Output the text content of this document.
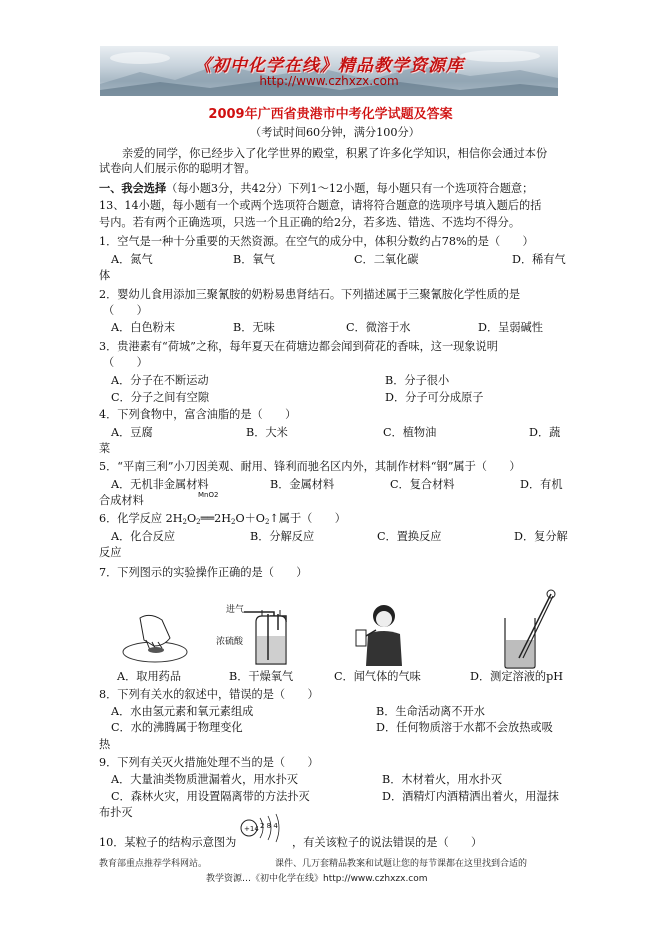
《初中化学在线》精品教学资源库
http://www.czhxzx.com
2009年广西省贵港市中考化学试题及答案
（考试时间60分钟，满分100分）
亲爱的同学，你已经步入了化学世界的殿堂，积累了许多化学知识，相信你会通过本份
试卷向人们展示你的聪明才智。
一、我会选择（每小题3分，共42分）下列1～12小题，每小题只有一个选项符合题意；
13、14小题，每小题有一个或两个选项符合题意，请将符合题意的选项序号填入题后的括
号内。若有两个正确选项，只选一个且正确的给2分，若多选、错选、不选均不得分。
1．空气是一种十分重要的天然资源。在空气的成分中，体积分数约占78%的是（　　）
A．氮气	B．氧气	C．二氧化碳	D．稀有气
体
2．婴幼儿食用添加三聚氰胺的奶粉易患肾结石。下列描述属于三聚氰胺化学性质的是
（　　）
A．白色粉末	B．无味	C．微溶于水	D．呈弱碱性
3．贵港素有“荷城”之称，每年夏天在荷塘边都会闻到荷花的香味，这一现象说明
（　　）
A．分子在不断运动	B．分子很小
C．分子之间有空隙	D．分子可分成原子
4．下列食物中，富含油脂的是（　　）
A．豆腐	B．大米	C．植物油	D．蔬
菜
5．“平南三利”小刀因美观、耐用、锋利而驰名区内外，其制作材料“钢”属于（　　）
A．无机非金属材料	B．金属材料	C．复合材料	D．有机
合成材料	MnO2
6．化学反应 $2H_2O_2══2H_2O+O_2↑$属于（　　）
A．化合反应	B．分解反应	C．置换反应	D．复分解
反应
7．下列图示的实验操作正确的是（　　）
进气
浓硫酸
A．取用药品	B．干燥氧气	C．闻气体的气味	D．测定溶液的pH
8．下列有关水的叙述中，错误的是（　　）
A．水由氢元素和氧元素组成	B．生命活动离不开水
C．水的沸腾属于物理变化	D．任何物质溶于水都不会放热或吸
热
9．下列有关灭火措施处理不当的是（　　）
A．大量油类物质泄漏着火，用水扑灭	B．木材着火，用水扑灭
C．森林火灾，用设置隔离带的方法扑灭	D．酒精灯内酒精洒出着火，用湿抹
布扑灭
10．某粒子的结构示意图为
+14 2 8 4
，有关该粒子的说法错误的是（　　）
教育部重点推荐学科网站。	课件、几万套精品教案和试题让您的每节课都在这里找到合适的
教学资源…《初中化学在线》http://www.czhxzx.com
